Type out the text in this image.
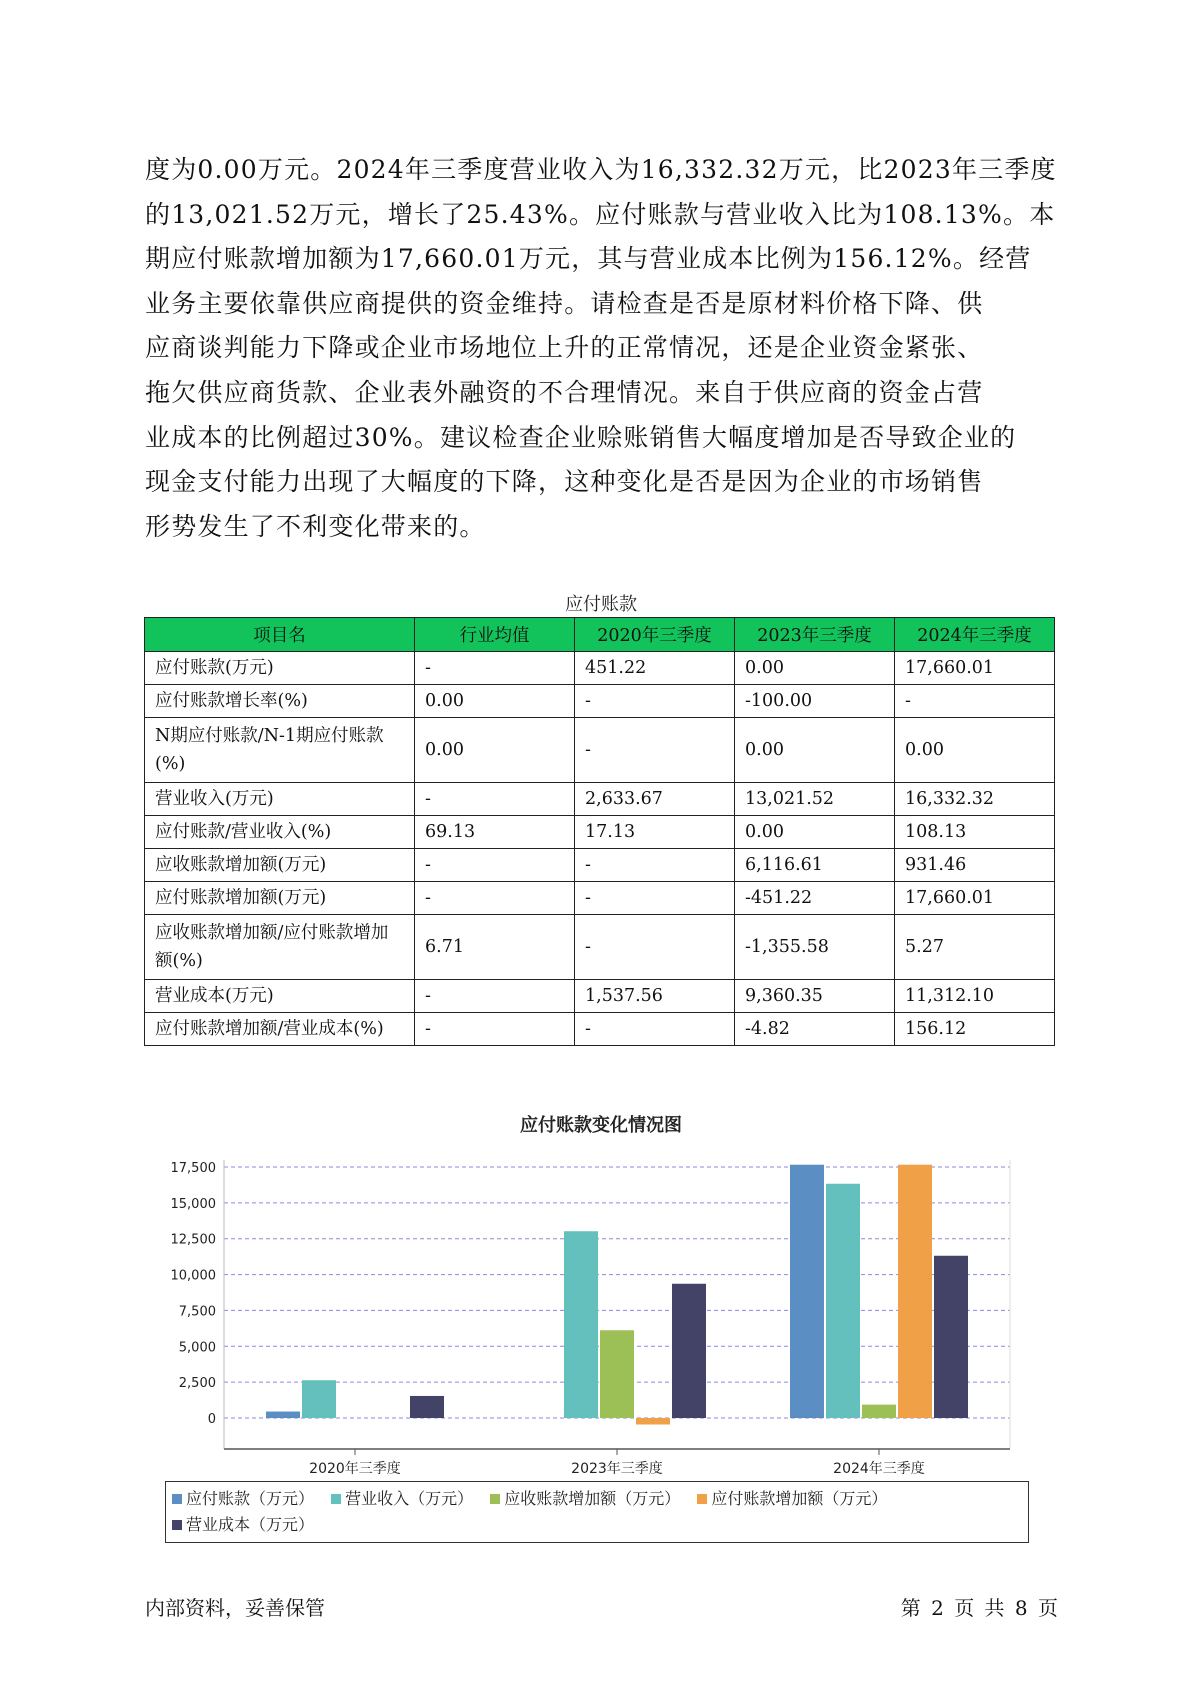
度为0.00万元。2024年三季度营业收入为16,332.32万元，比2023年三季度
的13,021.52万元，增长了25.43%。应付账款与营业收入比为108.13%。本
期应付账款增加额为17,660.01万元，其与营业成本比例为156.12%。经营
业务主要依靠供应商提供的资金维持。请检查是否是原材料价格下降、供
应商谈判能力下降或企业市场地位上升的正常情况，还是企业资金紧张、
拖欠供应商货款、企业表外融资的不合理情况。来自于供应商的资金占营
业成本的比例超过30%。建议检查企业赊账销售大幅度增加是否导致企业的
现金支付能力出现了大幅度的下降，这种变化是否是因为企业的市场销售
形势发生了不利变化带来的。

应付账款
项目名	行业均值	2020年三季度	2023年三季度	2024年三季度
应付账款(万元)	-	451.22	0.00	17,660.01
应付账款增长率(%)	0.00	-	-100.00	-
N期应付账款/N-1期应付账款(%)	0.00	-	0.00	0.00
营业收入(万元)	-	2,633.67	13,021.52	16,332.32
应付账款/营业收入(%)	69.13	17.13	0.00	108.13
应收账款增加额(万元)	-	-	6,116.61	931.46
应付账款增加额(万元)	-	-	-451.22	17,660.01
应收账款增加额/应付账款增加额(%)	6.71	-	-1,355.58	5.27
营业成本(万元)	-	1,537.56	9,360.35	11,312.10
应付账款增加额/营业成本(%)	-	-	-4.82	156.12
应付账款变化情况图
0
2,500
5,000
7,500
10,000
12,500
15,000
17,500
2020年三季度	2023年三季度	2024年三季度
应付账款（万元） 营业收入（万元） 应收账款增加额（万元） 应付账款增加额（万元） 营业成本（万元）
内部资料，妥善保管	第 2 页 共 8 页
